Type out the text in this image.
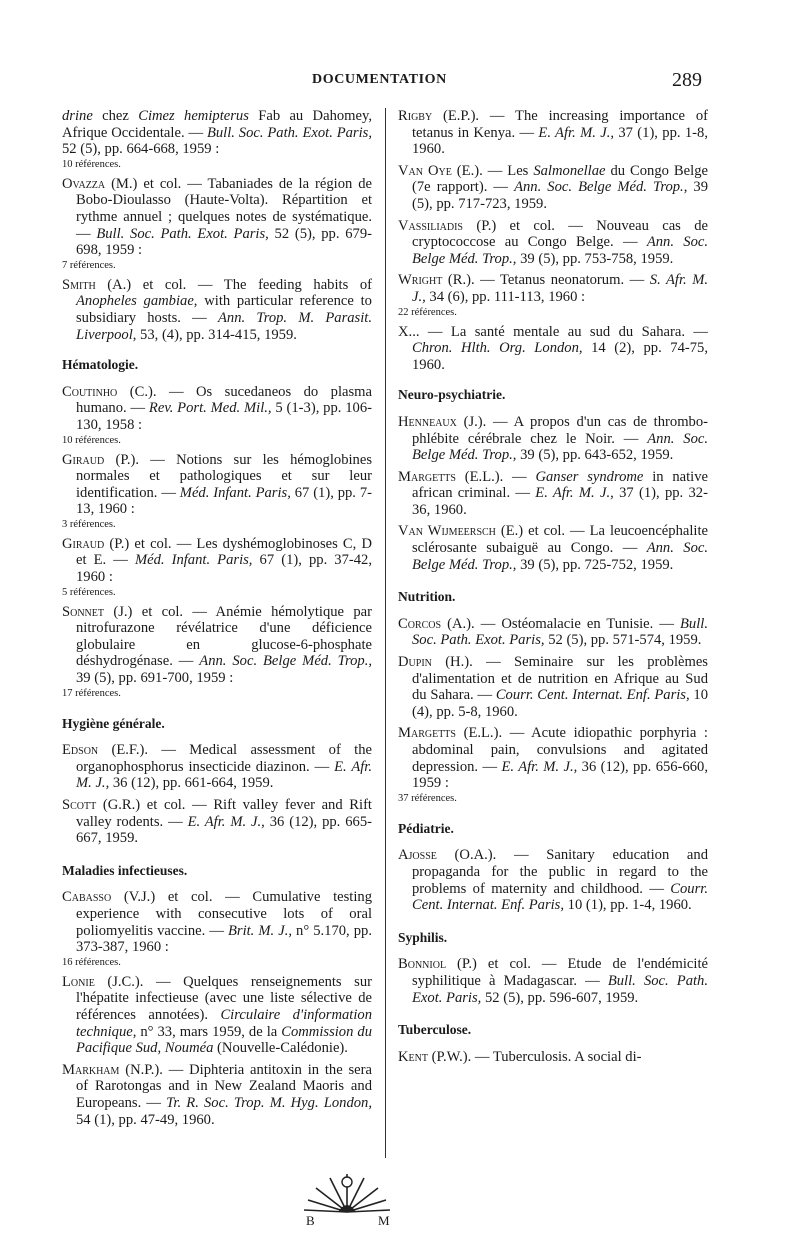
DOCUMENTATION	289

drine chez Cimez hemipterus Fab au Dahomey, Afrique Occidentale. — Bull. Soc. Path. Exot. Paris, 52 (5), pp. 664-668, 1959 :
10 références.

Ovazza (M.) et col. — Tabaniades de la région de Bobo-Dioulasso (Haute-Volta). Répartition et rythme annuel ; quelques notes de systématique. — Bull. Soc. Path. Exot. Paris, 52 (5), pp. 679-698, 1959 :
7 références.

Smith (A.) et col. — The feeding habits of Anopheles gambiae, with particular reference to subsidiary hosts. — Ann. Trop. M. Parasit. Liverpool, 53, (4), pp. 314-415, 1959.

Hématologie.

Coutinho (C.). — Os sucedaneos do plasma humano. — Rev. Port. Med. Mil., 5 (1-3), pp. 106-130, 1958 :
10 références.

Giraud (P.). — Notions sur les hémoglobines normales et pathologiques et sur leur identification. — Méd. Infant. Paris, 67 (1), pp. 7-13, 1960 :
3 références.

Giraud (P.) et col. — Les dyshémoglobinoses C, D et E. — Méd. Infant. Paris, 67 (1), pp. 37-42, 1960 :
5 références.

Sonnet (J.) et col. — Anémie hémolytique par nitrofurazone révélatrice d'une déficience globulaire en glucose-6-phosphate déshydrogénase. — Ann. Soc. Belge Méd. Trop., 39 (5), pp. 691-700, 1959 :
17 références.

Hygiène générale.

Edson (E.F.). — Medical assessment of the organophosphorus insecticide diazinon. — E. Afr. M. J., 36 (12), pp. 661-664, 1959.

Scott (G.R.) et col. — Rift valley fever and Rift valley rodents. — E. Afr. M. J., 36 (12), pp. 665-667, 1959.

Maladies infectieuses.

Cabasso (V.J.) et col. — Cumulative testing experience with consecutive lots of oral poliomyelitis vaccine. — Brit. M. J., n° 5.170, pp. 373-387, 1960 :
16 références.

Lonie (J.C.). — Quelques renseignements sur l'hépatite infectieuse (avec une liste sélective de références annotées). Circulaire d'information technique, n° 33, mars 1959, de la Commission du Pacifique Sud, Nouméa (Nouvelle-Calédonie).

Markham (N.P.). — Diphteria antitoxin in the sera of Rarotongas and in New Zealand Maoris and Europeans. — Tr. R. Soc. Trop. M. Hyg. London, 54 (1), pp. 47-49, 1960.

Rigby (E.P.). — The increasing importance of tetanus in Kenya. — E. Afr. M. J., 37 (1), pp. 1-8, 1960.

Van Oye (E.). — Les Salmonellae du Congo Belge (7e rapport). — Ann. Soc. Belge Méd. Trop., 39 (5), pp. 717-723, 1959.

Vassiliadis (P.) et col. — Nouveau cas de cryptococcose au Congo Belge. — Ann. Soc. Belge Méd. Trop., 39 (5), pp. 753-758, 1959.

Wright (R.). — Tetanus neonatorum. — S. Afr. M. J., 34 (6), pp. 111-113, 1960 :
22 références.

X... — La santé mentale au sud du Sahara. — Chron. Hlth. Org. London, 14 (2), pp. 74-75, 1960.

Neuro-psychiatrie.

Henneaux (J.). — A propos d'un cas de thrombo-phlébite cérébrale chez le Noir. — Ann. Soc. Belge Méd. Trop., 39 (5), pp. 643-652, 1959.

Margetts (E.L.). — Ganser syndrome in native african criminal. — E. Afr. M. J., 37 (1), pp. 32-36, 1960.

Van Wijmeersch (E.) et col. — La leucoencéphalite sclérosante subaiguë au Congo. — Ann. Soc. Belge Méd. Trop., 39 (5), pp. 725-752, 1959.

Nutrition.

Corcos (A.). — Ostéomalacie en Tunisie. — Bull. Soc. Path. Exot. Paris, 52 (5), pp. 571-574, 1959.

Dupin (H.). — Seminaire sur les problèmes d'alimentation et de nutrition en Afrique au Sud du Sahara. — Courr. Cent. Internat. Enf. Paris, 10 (4), pp. 5-8, 1960.

Margetts (E.L.). — Acute idiopathic porphyria : abdominal pain, convulsions and agitated depression. — E. Afr. M. J., 36 (12), pp. 656-660, 1959 :
37 références.

Pédiatrie.

Ajosse (O.A.). — Sanitary education and propaganda for the public in regard to the problems of maternity and childhood. — Courr. Cent. Internat. Enf. Paris, 10 (1), pp. 1-4, 1960.

Syphilis.

Bonniol (P.) et col. — Etude de l'endémicité syphilitique à Madagascar. — Bull. Soc. Path. Exot. Paris, 52 (5), pp. 596-607, 1959.

Tuberculose.

Kent (P.W.). — Tuberculosis. A social di-

B	M
